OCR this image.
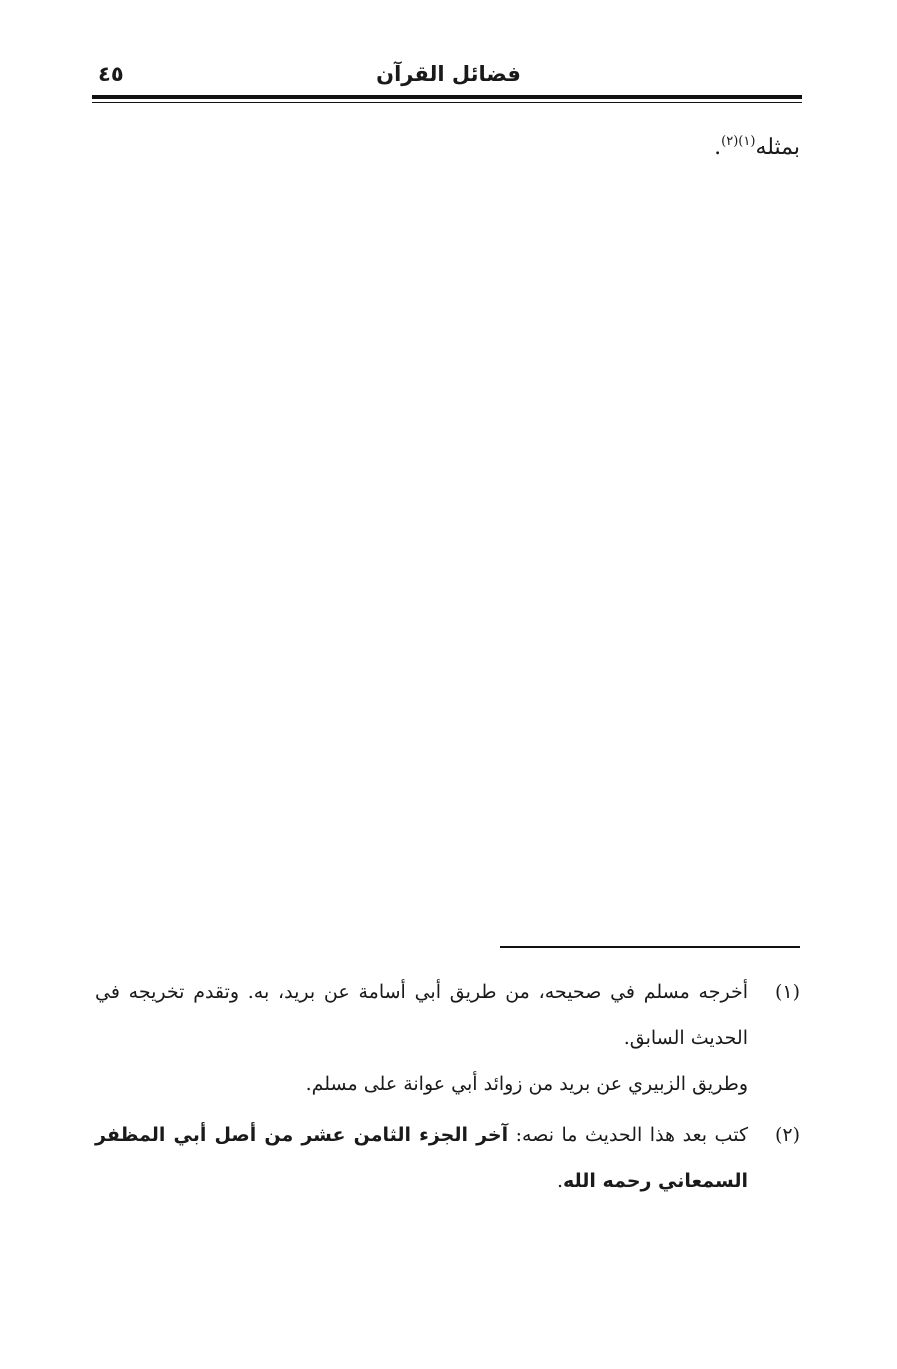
فضائل القرآن
٤٥
بمثله$^{(١)(٢)}$.
(١)
أخرجه مسلم في صحيحه، من طريق أبي أسامة عن بريد، به. وتقدم تخريجه في الحديث السابق.
وطريق الزبيري عن بريد من زوائد أبي عوانة على مسلم.
(٢)
كتب بعد هذا الحديث ما نصه: آخر الجزء الثامن عشر من أصل أبي المظفر السمعاني رحمه الله.
